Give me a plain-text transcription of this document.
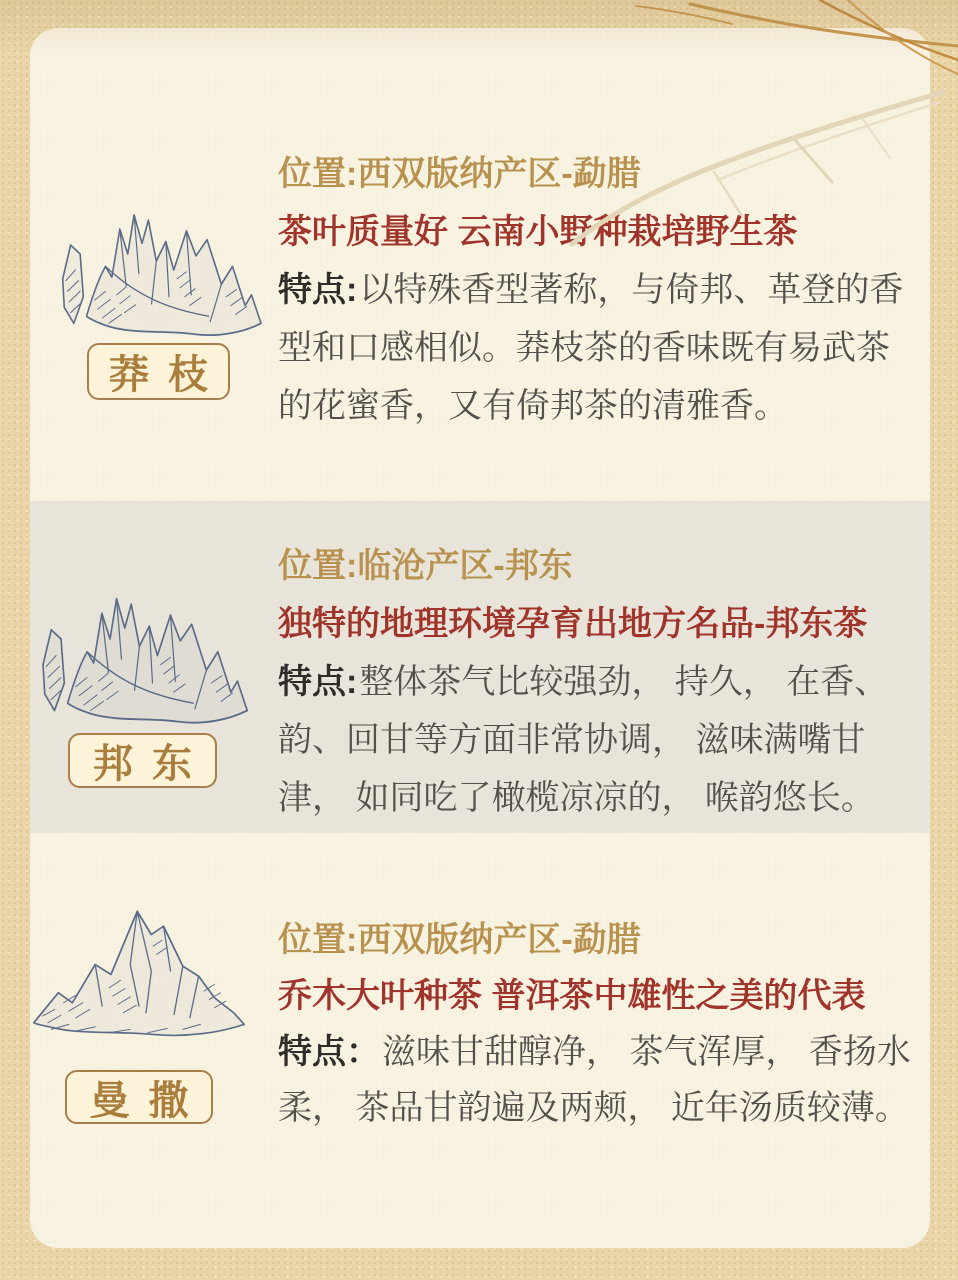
莽 枝
位置:西双版纳产区-勐腊
茶叶质量好 云南小野种栽培野生茶
特点: 以特殊香型著称，与倚邦、革登的香
型和口感相似。莽枝茶的香味既有易武茶
的花蜜香，又有倚邦茶的清雅香。
邦 东
位置:临沧产区-邦东
独特的地理环境孕育出地方名品-邦东茶
特点: 整体茶气比较强劲， 持久， 在香、
韵、回甘等方面非常协调， 滋味满嘴甘
津， 如同吃了橄榄凉凉的， 喉韵悠长。
曼 撒
位置:西双版纳产区-勐腊
乔木大叶种茶 普洱茶中雄性之美的代表
特点： 滋味甘甜醇净， 茶气浑厚， 香扬水
柔， 茶品甘韵遍及两颊， 近年汤质较薄。
